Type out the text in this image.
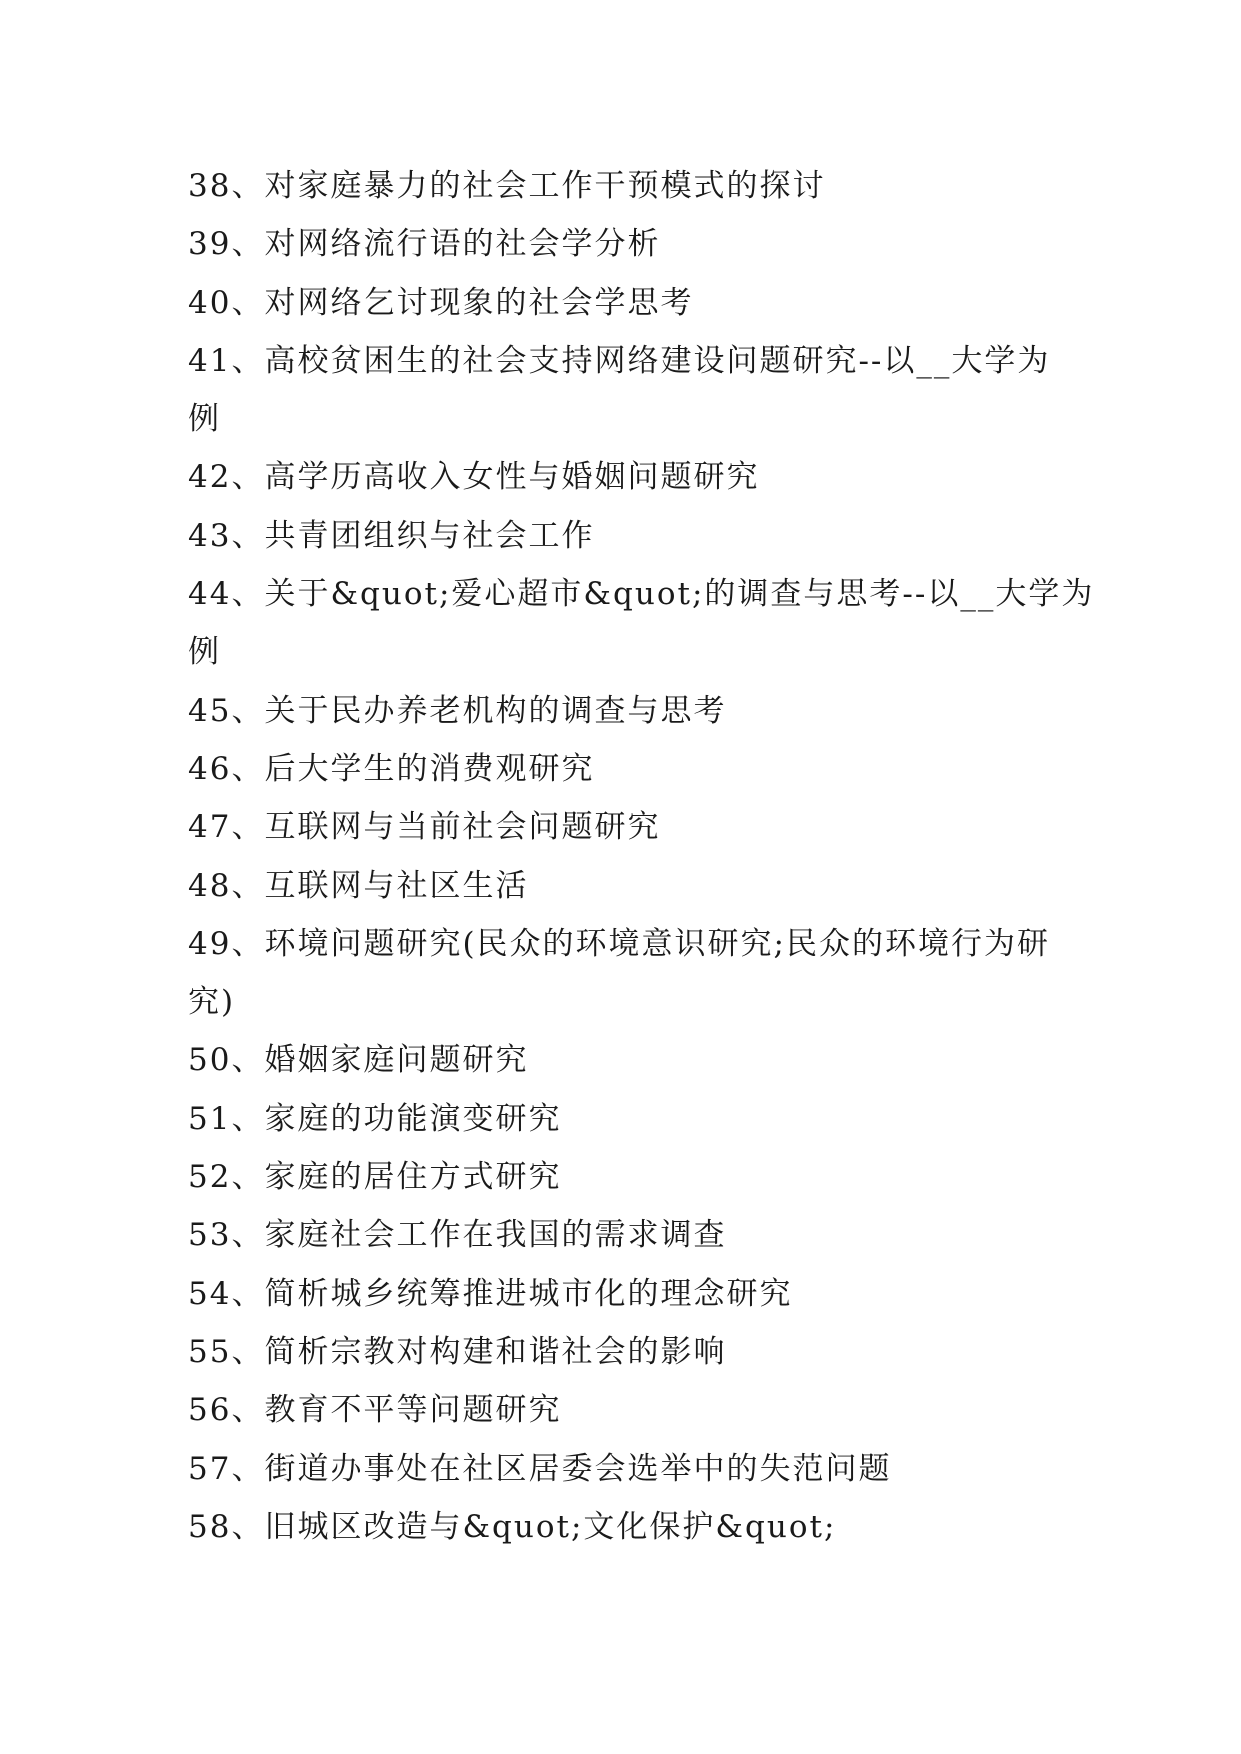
38、对家庭暴力的社会工作干预模式的探讨
39、对网络流行语的社会学分析
40、对网络乞讨现象的社会学思考
41、高校贫困生的社会支持网络建设问题研究--以__大学为
例
42、高学历高收入女性与婚姻问题研究
43、共青团组织与社会工作
44、关于&quot;爱心超市&quot;的调查与思考--以__大学为
例
45、关于民办养老机构的调查与思考
46、后大学生的消费观研究
47、互联网与当前社会问题研究
48、互联网与社区生活
49、环境问题研究(民众的环境意识研究;民众的环境行为研
究)
50、婚姻家庭问题研究
51、家庭的功能演变研究
52、家庭的居住方式研究
53、家庭社会工作在我国的需求调查
54、简析城乡统筹推进城市化的理念研究
55、简析宗教对构建和谐社会的影响
56、教育不平等问题研究
57、街道办事处在社区居委会选举中的失范问题
58、旧城区改造与&quot;文化保护&quot;
